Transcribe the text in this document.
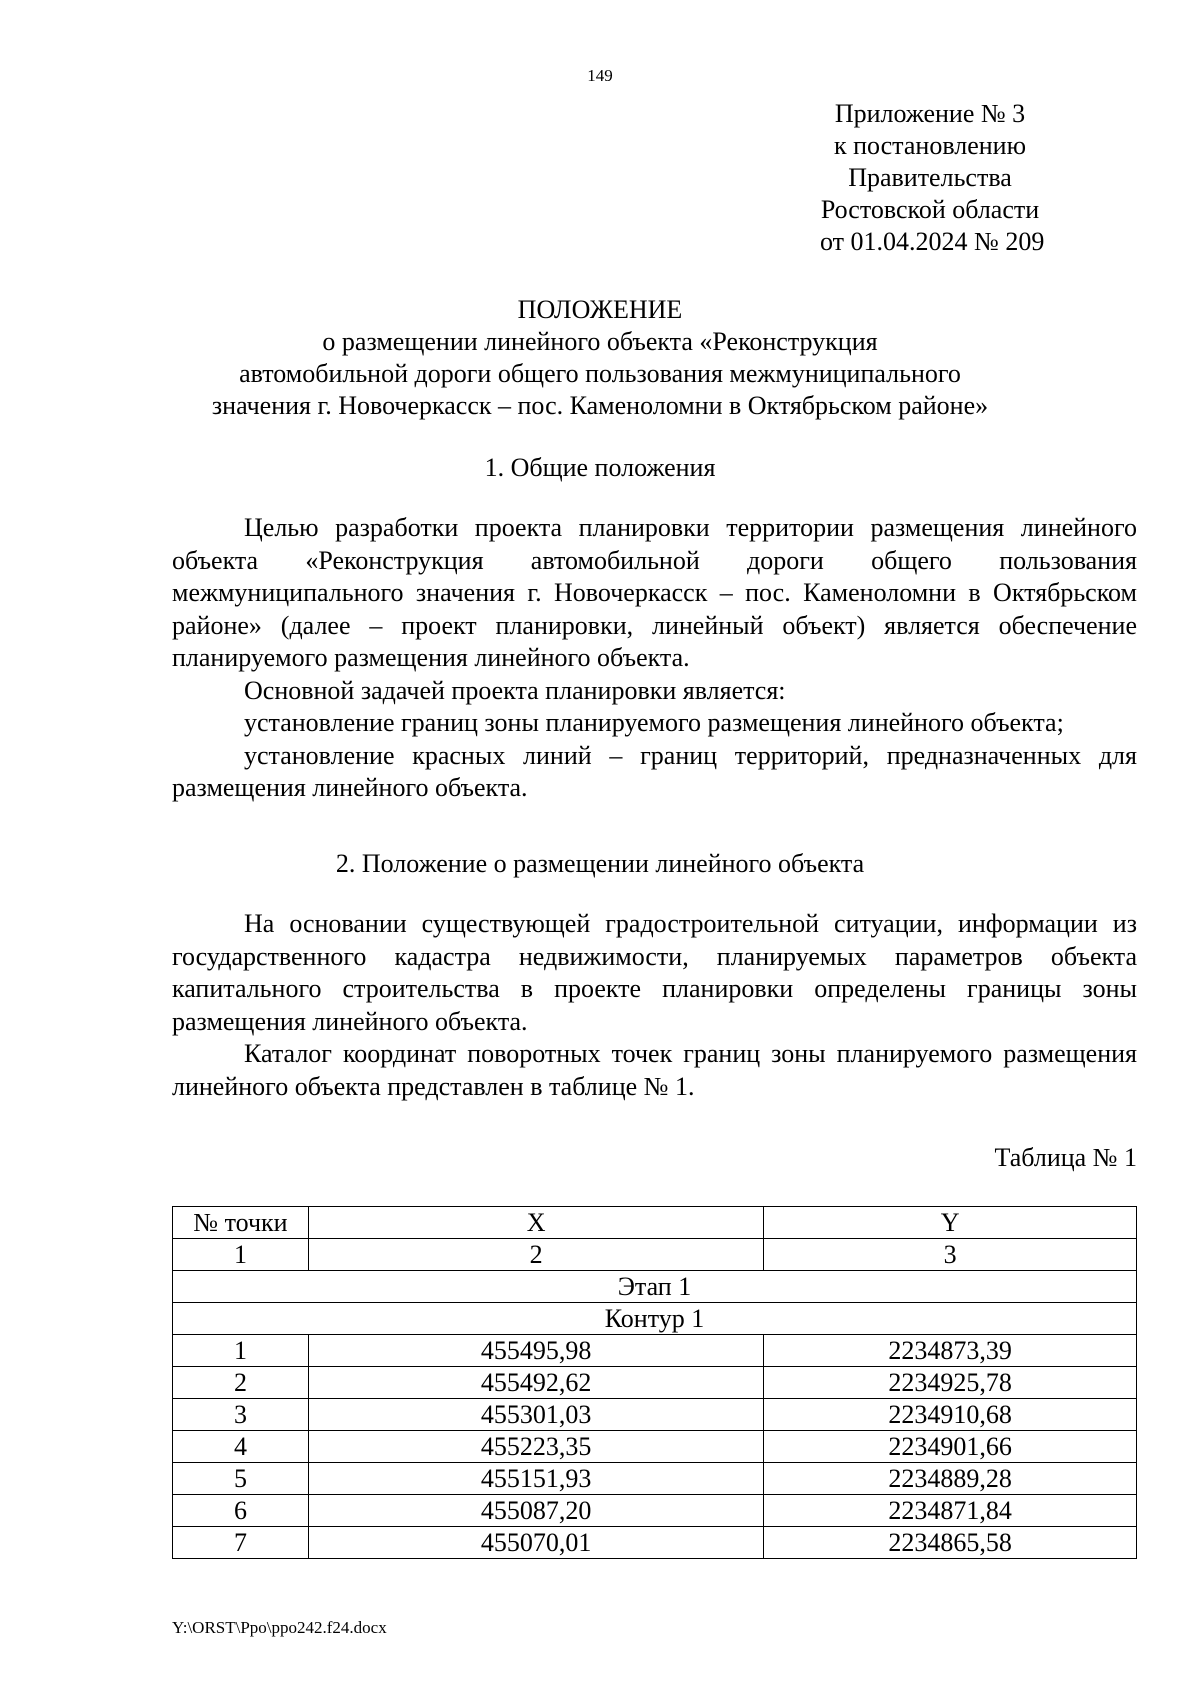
149
Приложение № 3
к постановлению
Правительства
Ростовской области
от 01.04.2024 № 209
ПОЛОЖЕНИЕ
о размещении линейного объекта «Реконструкция
автомобильной дороги общего пользования межмуниципального
значения г. Новочеркасск – пос. Каменоломни в Октябрьском районе»
1. Общие положения

Целью разработки проекта планировки территории размещения линейного объекта «Реконструкция автомобильной дороги общего пользования межмуниципального значения г. Новочеркасск – пос. Каменоломни в Октябрьском районе» (далее – проект планировки, линейный объект) является обеспечение планируемого размещения линейного объекта.

Основной задачей проекта планировки является:

установление границ зоны планируемого размещения линейного объекта;

установление красных линий – границ территорий, предназначенных для размещения линейного объекта.

2. Положение о размещении линейного объекта

На основании существующей градостроительной ситуации, информации из государственного кадастра недвижимости, планируемых параметров объекта капитального строительства в проекте планировки определены границы зоны размещения линейного объекта.

Каталог координат поворотных точек границ зоны планируемого размещения линейного объекта представлен в таблице № 1.

Таблица № 1
№ точки	X	Y
1	2	3
Этап 1		
Контур 1		
1	455495,98	2234873,39
2	455492,62	2234925,78
3	455301,03	2234910,68
4	455223,35	2234901,66
5	455151,93	2234889,28
6	455087,20	2234871,84
7	455070,01	2234865,58
Y:\ORST\Ppo\ppo242.f24.docx
